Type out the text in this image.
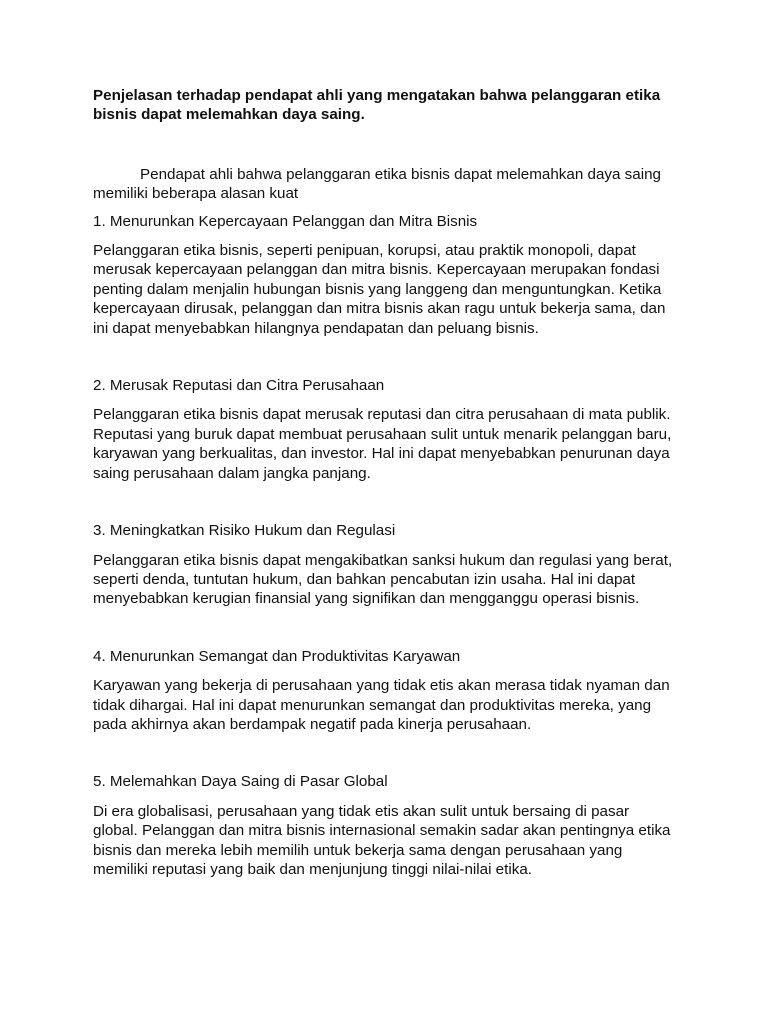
Penjelasan terhadap pendapat ahli yang mengatakan bahwa pelanggaran etika bisnis dapat melemahkan daya saing.

Pendapat ahli bahwa pelanggaran etika bisnis dapat melemahkan daya saing memiliki beberapa alasan kuat

1. Menurunkan Kepercayaan Pelanggan dan Mitra Bisnis

Pelanggaran etika bisnis, seperti penipuan, korupsi, atau praktik monopoli, dapat merusak kepercayaan pelanggan dan mitra bisnis. Kepercayaan merupakan fondasi penting dalam menjalin hubungan bisnis yang langgeng dan menguntungkan. Ketika kepercayaan dirusak, pelanggan dan mitra bisnis akan ragu untuk bekerja sama, dan ini dapat menyebabkan hilangnya pendapatan dan peluang bisnis.

2. Merusak Reputasi dan Citra Perusahaan

Pelanggaran etika bisnis dapat merusak reputasi dan citra perusahaan di mata publik. Reputasi yang buruk dapat membuat perusahaan sulit untuk menarik pelanggan baru, karyawan yang berkualitas, dan investor. Hal ini dapat menyebabkan penurunan daya saing perusahaan dalam jangka panjang.

3. Meningkatkan Risiko Hukum dan Regulasi

Pelanggaran etika bisnis dapat mengakibatkan sanksi hukum dan regulasi yang berat, seperti denda, tuntutan hukum, dan bahkan pencabutan izin usaha. Hal ini dapat menyebabkan kerugian finansial yang signifikan dan mengganggu operasi bisnis.

4. Menurunkan Semangat dan Produktivitas Karyawan

Karyawan yang bekerja di perusahaan yang tidak etis akan merasa tidak nyaman dan tidak dihargai. Hal ini dapat menurunkan semangat dan produktivitas mereka, yang pada akhirnya akan berdampak negatif pada kinerja perusahaan.

5. Melemahkan Daya Saing di Pasar Global

Di era globalisasi, perusahaan yang tidak etis akan sulit untuk bersaing di pasar global. Pelanggan dan mitra bisnis internasional semakin sadar akan pentingnya etika bisnis dan mereka lebih memilih untuk bekerja sama dengan perusahaan yang memiliki reputasi yang baik dan menjunjung tinggi nilai-nilai etika.
